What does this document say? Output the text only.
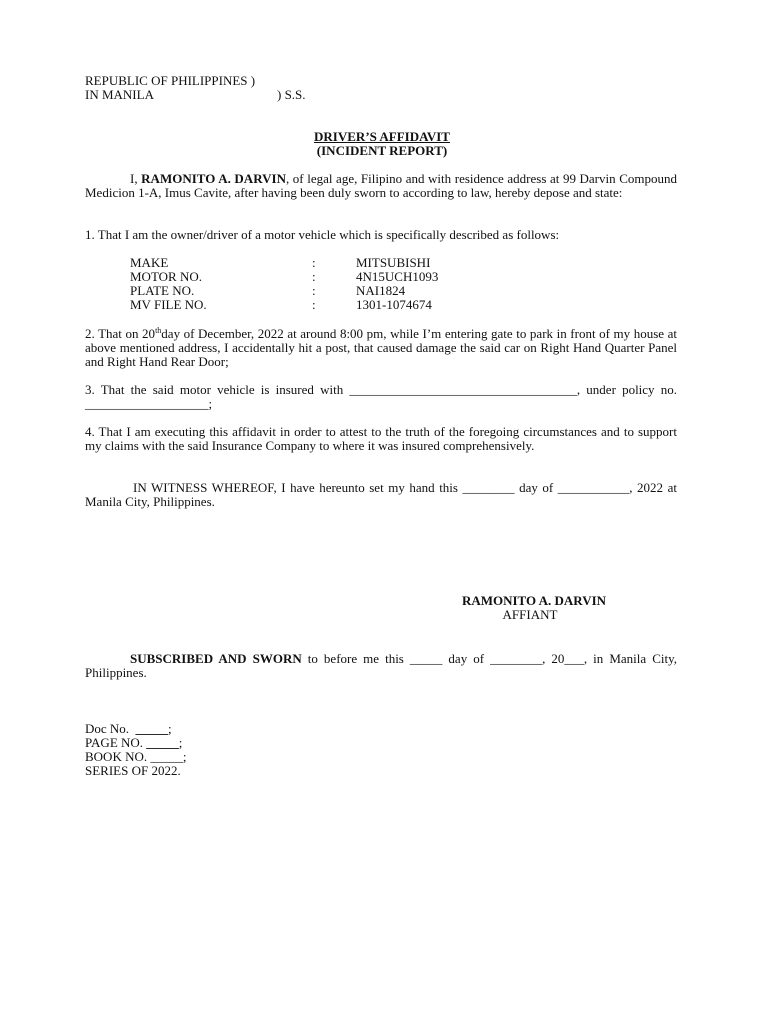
REPUBLIC OF PHILIPPINES )
IN MANILA	) S.S.
DRIVER’S AFFIDAVIT
(INCIDENT REPORT)
I, RAMONITO A. DARVIN, of legal age, Filipino and with residence address at 99 Darvin Compound Medicion 1-A, Imus Cavite, after having been duly sworn to according to law, hereby depose and state:
1. That I am the owner/driver of a motor vehicle which is specifically described as follows:
MAKE	:	MITSUBISHI
MOTOR NO.	:	4N15UCH1093
PLATE NO.	:	NAI1824
MV FILE NO.	:	1301-1074674
2. That on 20thday of December, 2022 at around 8:00 pm, while I’m entering gate to park in front of my house at above mentioned address, I accidentally hit a post, that caused damage the said car on Right Hand Quarter Panel and Right Hand Rear Door;
3. That the said motor vehicle is insured with ___________________________________, under policy no. ___________________;
4. That I am executing this affidavit in order to attest to the truth of the foregoing circumstances and to support my claims with the said Insurance Company to where it was insured comprehensively.
IN WITNESS WHEREOF, I have hereunto set my hand this ________ day of ___________, 2022 at Manila City, Philippines.
RAMONITO A. DARVIN
AFFIANT
SUBSCRIBED AND SWORN to before me this _____ day of ________, 20___, in Manila City, Philippines.
Doc No.  _____;
PAGE NO. _____;
BOOK NO. _____;
SERIES OF 2022.
